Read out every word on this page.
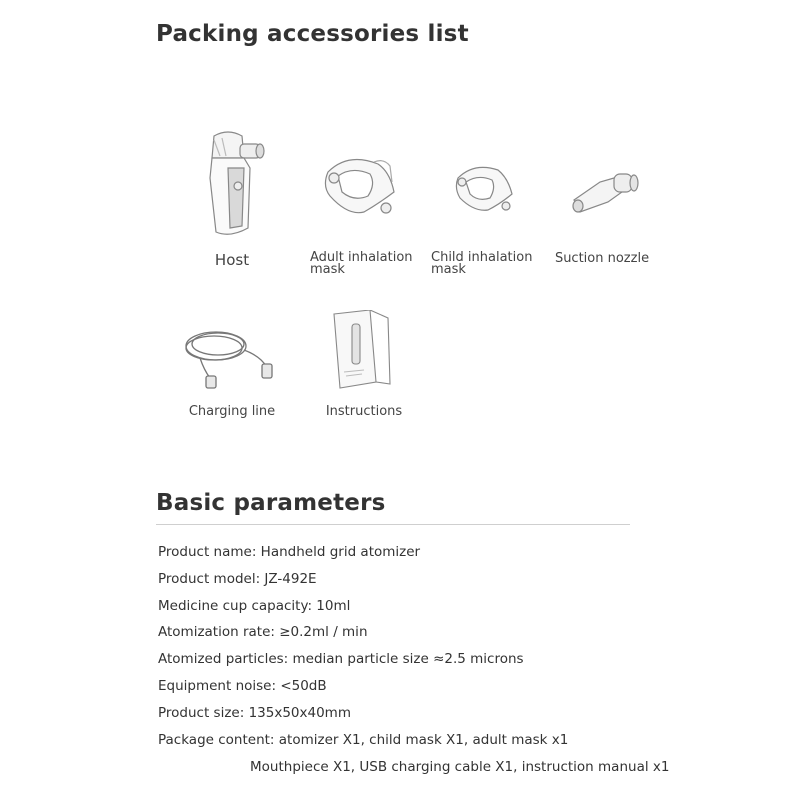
Packing accessories list
Host	Adult inhalation mask
Child inhalation mask
Suction nozzle
Charging line	Instructions
Basic parameters
Product name: Handheld grid atomizer
Product model: JZ-492E
Medicine cup capacity: 10ml
Atomization rate: ≥0.2ml / min
Atomized particles: median particle size ≈2.5 microns
Equipment noise: <50dB
Product size: 135x50x40mm
Package content: atomizer X1, child mask X1, adult mask x1
Mouthpiece X1, USB charging cable X1, instruction manual x1
